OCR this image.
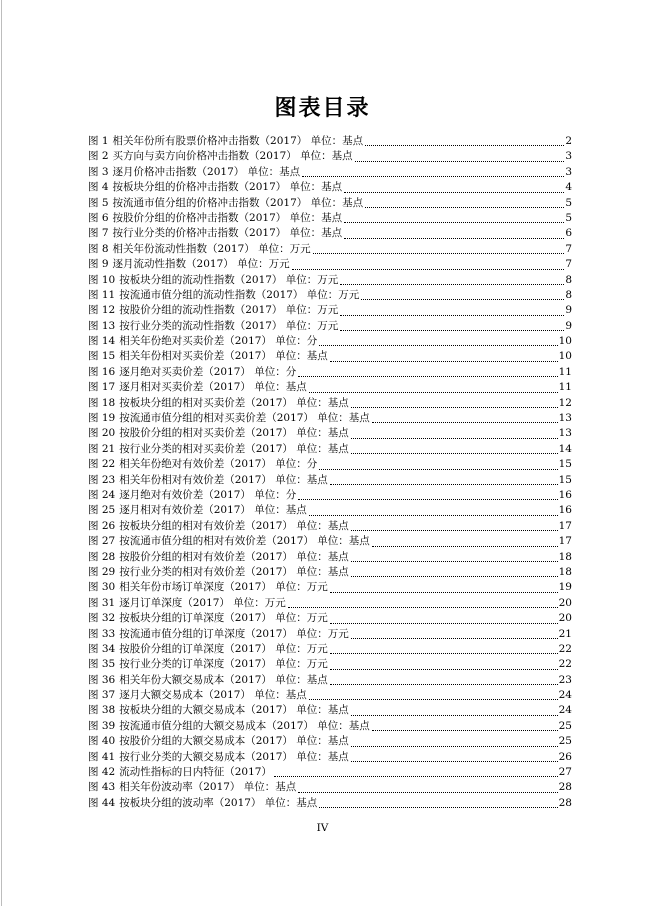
图表目录
图 1 相关年份所有股票价格冲击指数（2017） 单位：基点	2
图 2 买方向与卖方向价格冲击指数（2017） 单位：基点	3
图 3 逐月价格冲击指数（2017） 单位：基点	3
图 4 按板块分组的价格冲击指数（2017） 单位：基点	4
图 5 按流通市值分组的价格冲击指数（2017） 单位：基点	5
图 6 按股价分组的价格冲击指数（2017） 单位：基点	5
图 7 按行业分类的价格冲击指数（2017） 单位：基点	6
图 8 相关年份流动性指数（2017） 单位：万元	7
图 9 逐月流动性指数（2017） 单位：万元	7
图 10 按板块分组的流动性指数（2017） 单位：万元	8
图 11 按流通市值分组的流动性指数（2017） 单位：万元	8
图 12 按股价分组的流动性指数（2017） 单位：万元	9
图 13 按行业分类的流动性指数（2017） 单位：万元	9
图 14 相关年份绝对买卖价差（2017） 单位：分	10
图 15 相关年份相对买卖价差（2017） 单位：基点	10
图 16 逐月绝对买卖价差（2017） 单位：分	11
图 17 逐月相对买卖价差（2017） 单位：基点	11
图 18 按板块分组的相对买卖价差（2017） 单位：基点	12
图 19 按流通市值分组的相对买卖价差（2017） 单位：基点	13
图 20 按股价分组的相对买卖价差（2017） 单位：基点	13
图 21 按行业分类的相对买卖价差（2017） 单位：基点	14
图 22 相关年份绝对有效价差（2017） 单位：分	15
图 23 相关年份相对有效价差（2017） 单位：基点	15
图 24 逐月绝对有效价差（2017） 单位：分	16
图 25 逐月相对有效价差（2017） 单位：基点	16
图 26 按板块分组的相对有效价差（2017） 单位：基点	17
图 27 按流通市值分组的相对有效价差（2017） 单位：基点	17
图 28 按股价分组的相对有效价差（2017） 单位：基点	18
图 29 按行业分类的相对有效价差（2017） 单位：基点	18
图 30 相关年份市场订单深度（2017） 单位：万元	19
图 31 逐月订单深度（2017） 单位：万元	20
图 32 按板块分组的订单深度（2017） 单位：万元	20
图 33 按流通市值分组的订单深度（2017） 单位：万元	21
图 34 按股价分组的订单深度（2017） 单位：万元	22
图 35 按行业分类的订单深度（2017） 单位：万元	22
图 36 相关年份大额交易成本（2017） 单位：基点	23
图 37 逐月大额交易成本（2017） 单位：基点	24
图 38 按板块分组的大额交易成本（2017） 单位：基点	24
图 39 按流通市值分组的大额交易成本（2017） 单位：基点	25
图 40 按股价分组的大额交易成本（2017） 单位：基点	25
图 41 按行业分类的大额交易成本（2017） 单位：基点	26
图 42 流动性指标的日内特征（2017）	27
图 43 相关年份波动率（2017） 单位：基点	28
图 44 按板块分组的波动率（2017） 单位：基点	28
IV
